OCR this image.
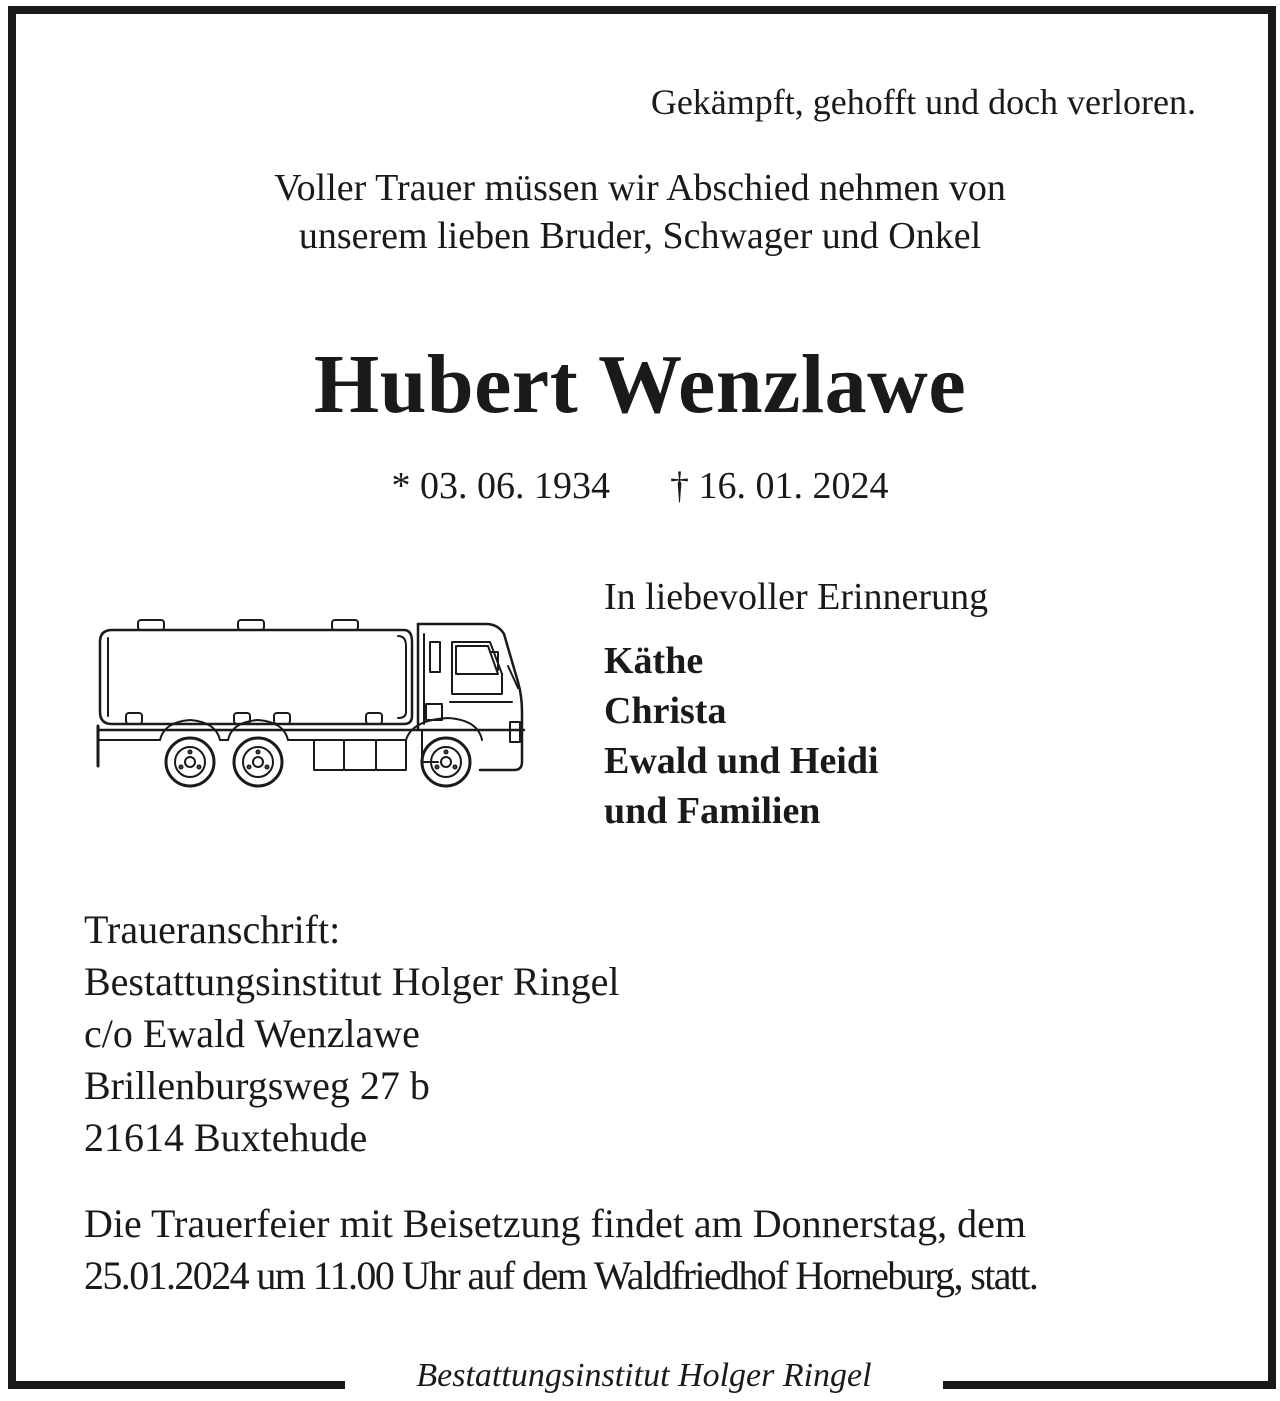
Gekämpft, gehofft und doch verloren.
Voller Trauer müssen wir Abschied nehmen von
unserem lieben Bruder, Schwager und Onkel
Hubert Wenzlawe
* 03. 06. 1934 † 16. 01. 2024
In liebevoller Erinnerung
Käthe
Christa
Ewald und Heidi
und Familien
Traueranschrift:
Bestattungsinstitut Holger Ringel
c/o Ewald Wenzlawe
Brillenburgsweg 27 b
21614 Buxtehude
Die Trauerfeier mit Beisetzung findet am Donnerstag, dem
25.01.2024 um 11.00 Uhr auf dem Waldfriedhof Horneburg, statt.
Bestattungsinstitut Holger Ringel
